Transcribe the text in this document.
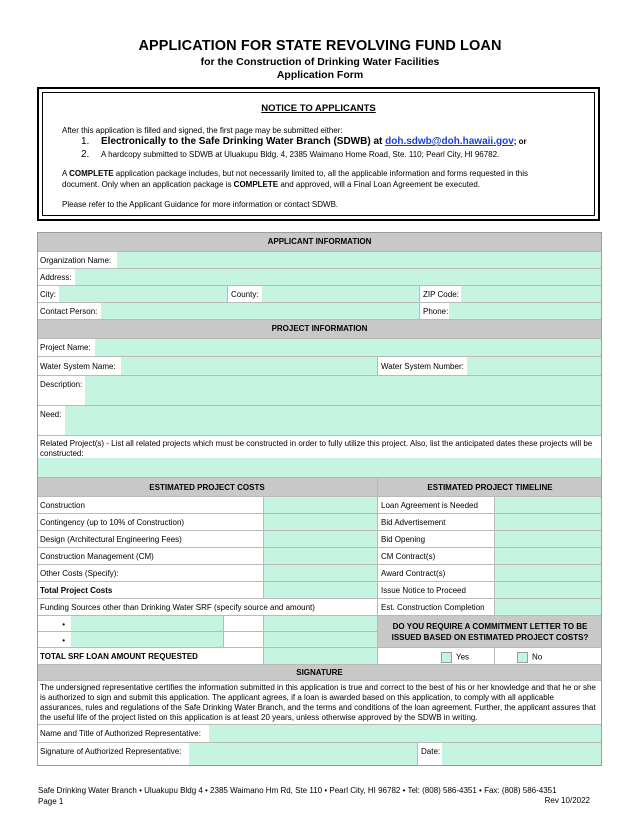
APPLICATION FOR STATE REVOLVING FUND LOAN
for the Construction of Drinking Water Facilities
Application Form
NOTICE TO APPLICANTS
After this application is filled and signed, the first page may be submitted either:
1. Electronically to the Safe Drinking Water Branch (SDWB) at doh.sdwb@doh.hawaii.gov; or
2. A hardcopy submitted to SDWB at Uluakupu Bldg. 4, 2385 Waimano Home Road, Ste. 110; Pearl City, HI 96782.
A COMPLETE application package includes, but not necessarily limited to, all the applicable information and forms requested in this document. Only when an application package is COMPLETE and approved, will a Final Loan Agreement be executed.
Please refer to the Applicant Guidance for more information or contact SDWB.
APPLICANT INFORMATION
Organization Name:
Address:
City:	County:	ZIP Code:
Contact Person:	Phone:
PROJECT INFORMATION
Project Name:
Water System Name:	Water System Number:
Description:
Need:
Related Project(s) - List all related projects which must be constructed in order to fully utilize this project. Also, list the anticipated dates these projects will be constructed:
ESTIMATED PROJECT COSTS	ESTIMATED PROJECT TIMELINE
Construction	Loan Agreement is Needed
Contingency (up to 10% of Construction)	Bid Advertisement
Design (Architectural Engineering Fees)	Bid Opening
Construction Management (CM)	CM Contract(s)
Other Costs (Specify):	Award Contract(s)
Total Project Costs	Issue Notice to Proceed
Funding Sources other than Drinking Water SRF (specify source and amount)	Est. Construction Completion
•
•
DO YOU REQUIRE A COMMITMENT LETTER TO BE ISSUED BASED ON ESTIMATED PROJECT COSTS?
TOTAL SRF LOAN AMOUNT REQUESTED	Yes	No
SIGNATURE
The undersigned representative certifies the information submitted in this application is true and correct to the best of his or her knowledge and that he or she is authorized to sign and submit this application. The applicant agrees, if a loan is awarded based on this application, to comply with all applicable assurances, rules and regulations of the Safe Drinking Water Branch, and the terms and conditions of the loan agreement. Further, the applicant assures that the useful life of the project listed on this application is at least 20 years, unless otherwise approved by the SDWB in writing.
Name and Title of Authorized Representative:
Signature of Authorized Representative:	Date:
Safe Drinking Water Branch • Uluakupu Bldg 4 • 2385 Waimano Hm Rd, Ste 110 • Pearl City, HI 96782 • Tel: (808) 586-4351 • Fax: (808) 586-4351
Page 1	Rev 10/2022
